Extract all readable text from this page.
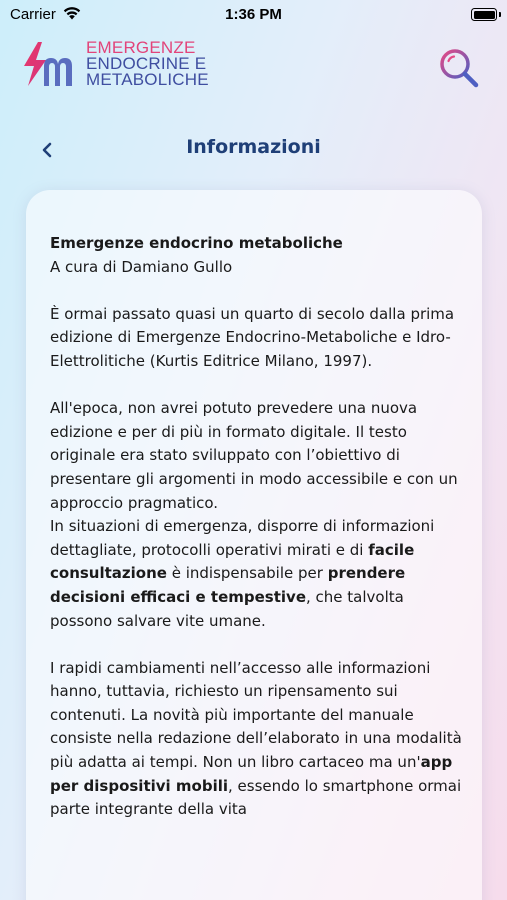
Carrier	1:36 PM
EMERGENZE
ENDOCRINE E
METABOLICHE
Informazioni

Emergenze endocrino metaboliche

A cura di Damiano Gullo

È ormai passato quasi un quarto di secolo dalla prima edizione di Emergenze Endocrino-Metaboliche e Idro-Elettrolitiche (Kurtis Editrice Milano, 1997).

All'epoca, non avrei potuto prevedere una nuova edizione e per di più in formato digitale. Il testo originale era stato sviluppato con l’obiettivo di presentare gli argomenti in modo accessibile e con un approccio pragmatico.

In situazioni di emergenza, disporre di informazioni dettagliate, protocolli operativi mirati e di facile consultazione è indispensabile per prendere decisioni efficaci e tempestive, che talvolta possono salvare vite umane.

I rapidi cambiamenti nell’accesso alle informazioni hanno, tuttavia, richiesto un ripensamento sui contenuti. La novità più importante del manuale consiste nella redazione dell’elaborato in una modalità più adatta ai tempi. Non un libro cartaceo ma un'app per dispositivi mobili, essendo lo smartphone ormai parte integrante della vita
